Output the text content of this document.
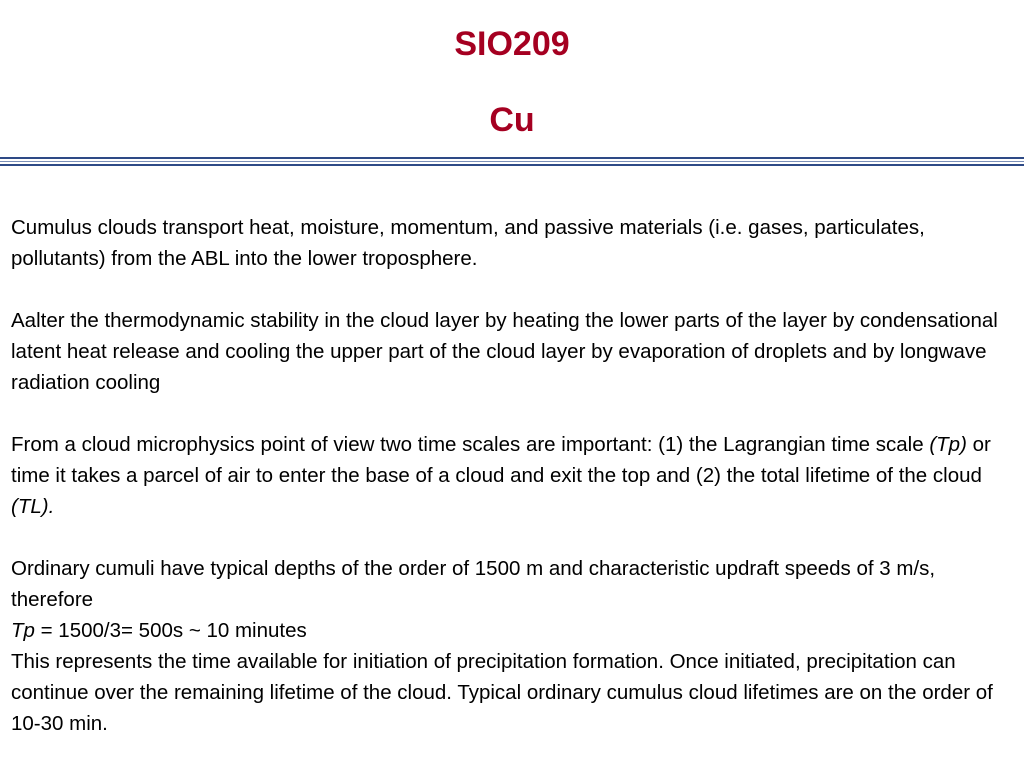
SIO209
Cu

Cumulus clouds transport heat, moisture, momentum, and passive materials (i.e. gases, particulates, pollutants) from the ABL into the lower troposphere.

Aalter the thermodynamic stability in the cloud layer by heating the lower parts of the layer by condensational latent heat release and cooling the upper part of the cloud layer by evaporation of droplets and by longwave radiation cooling

From a cloud microphysics point of view two time scales are important: (1) the Lagrangian time scale (Tp) or time it takes a parcel of air to enter the base of a cloud and exit the top and (2) the total lifetime of the cloud (TL).

Ordinary cumuli have typical depths of the order of 1500 m and characteristic updraft speeds of 3 m/s, therefore

Tp = 1500/3= 500s ~ 10 minutes

This represents the time available for initiation of precipitation formation. Once initiated, precipitation can continue over the remaining lifetime of the cloud. Typical ordinary cumulus cloud lifetimes are on the order of 10-30 min.
